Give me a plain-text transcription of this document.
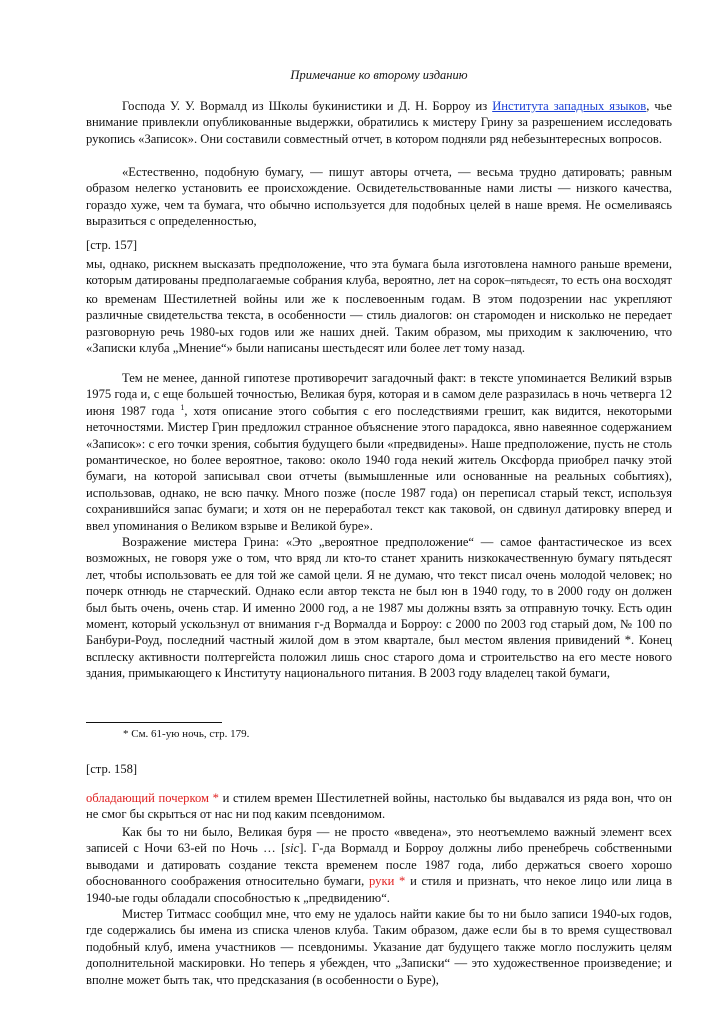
Примечание ко второму изданию

Господа У. У. Вормалд из Школы букинистики и Д. Н. Борроу из Института западных языков, чье внимание привлекли опубликованные выдержки, обратились к мистеру Грину за разрешением исследовать рукопись «Записок». Они составили совместный отчет, в котором подняли ряд небезынтересных вопросов.

«Естественно, подобную бумагу, — пишут авторы отчета, — весьма трудно датировать; равным образом нелегко установить ее происхождение. Освидетельствованные нами листы — низкого качества, гораздо хуже, чем та бумага, что обычно используется для подобных целей в наше время. Не осмеливаясь выразиться с определенностью,

[стр. 157]

мы, однако, рискнем высказать предположение, что эта бумага была изготовлена намного раньше времени, которым датированы предполагаемые собрания клуба, вероятно, лет на сорок–пятьдесят, то есть она восходят ко временам Шестилетней войны или же к послевоенным годам. В этом подозрении нас укрепляют различные свидетельства текста, в особенности — стиль диалогов: он старомоден и нисколько не передает разговорную речь 1980-ых годов или же наших дней. Таким образом, мы приходим к заключению, что «Записки клуба „Мнение“» были написаны шестьдесят или более лет тому назад.

Тем не менее, данной гипотезе противоречит загадочный факт: в тексте упоминается Великий взрыв 1975 года и, с еще большей точностью, Великая буря, которая и в самом деле разразилась в ночь четверга 12 июня 1987 года $^1$, хотя описание этого события с его последствиями грешит, как видится, некоторыми неточностями. Мистер Грин предложил странное объяснение этого парадокса, явно навеянное содержанием «Записок»: с его точки зрения, события будущего были «предвидены». Наше предположение, пусть не столь романтическое, но более вероятное, таково: около 1940 года некий житель Оксфорда приобрел пачку этой бумаги, на которой записывал свои отчеты (вымышленные или основанные на реальных событиях), использовав, однако, не всю пачку. Много позже (после 1987 года) он переписал старый текст, используя сохранившийся запас бумаги; и хотя он не переработал текст как таковой, он сдвинул датировку вперед и ввел упоминания о Великом взрыве и Великой буре».

Возражение мистера Грина: «Это „вероятное предположение“ — самое фантастическое из всех возможных, не говоря уже о том, что вряд ли кто-то станет хранить низкокачественную бумагу пятьдесят лет, чтобы использовать ее для той же самой цели. Я не думаю, что текст писал очень молодой человек; но почерк отнюдь не старческий. Однако если автор текста не был юн в 1940 году, то в 2000 году он должен был быть очень, очень стар. И именно 2000 год, а не 1987 мы должны взять за отправную точку. Есть один момент, который ускользнул от внимания г-д Вормалда и Борроу: с 2000 по 2003 год старый дом, № 100 по Банбури-Роуд, последний частный жилой дом в этом квартале, был местом явления привидений *. Конец всплеску активности полтергейста положил лишь снос старого дома и строительство на его месте нового здания, примыкающего к Институту национального питания. В 2003 году владелец такой бумаги,

* См. 61-ую ночь, стр. 179.
[стр. 158]

обладающий почерком * и стилем времен Шестилетней войны, настолько бы выдавался из ряда вон, что он не смог бы скрыться от нас ни под каким псевдонимом.

Как бы то ни было, Великая буря — не просто «введена», это неотъемлемо важный элемент всех записей с Ночи 63-ей по Ночь … [sic]. Г-да Вормалд и Борроу должны либо пренебречь собственными выводами и датировать создание текста временем после 1987 года, либо держаться своего хорошо обоснованного соображения относительно бумаги, руки * и стиля и признать, что некое лицо или лица в 1940-ые годы обладали способностью к „предвидению“.

Мистер Титмасс сообщил мне, что ему не удалось найти какие бы то ни было записи 1940-ых годов, где содержались бы имена из списка членов клуба. Таким образом, даже если бы в то время существовал подобный клуб, имена участников — псевдонимы. Указание дат будущего также могло послужить целям дополнительной маскировки. Но теперь я убежден, что „Записки“ — это художественное произведение; и вполне может быть так, что предсказания (в особенности о Буре),
